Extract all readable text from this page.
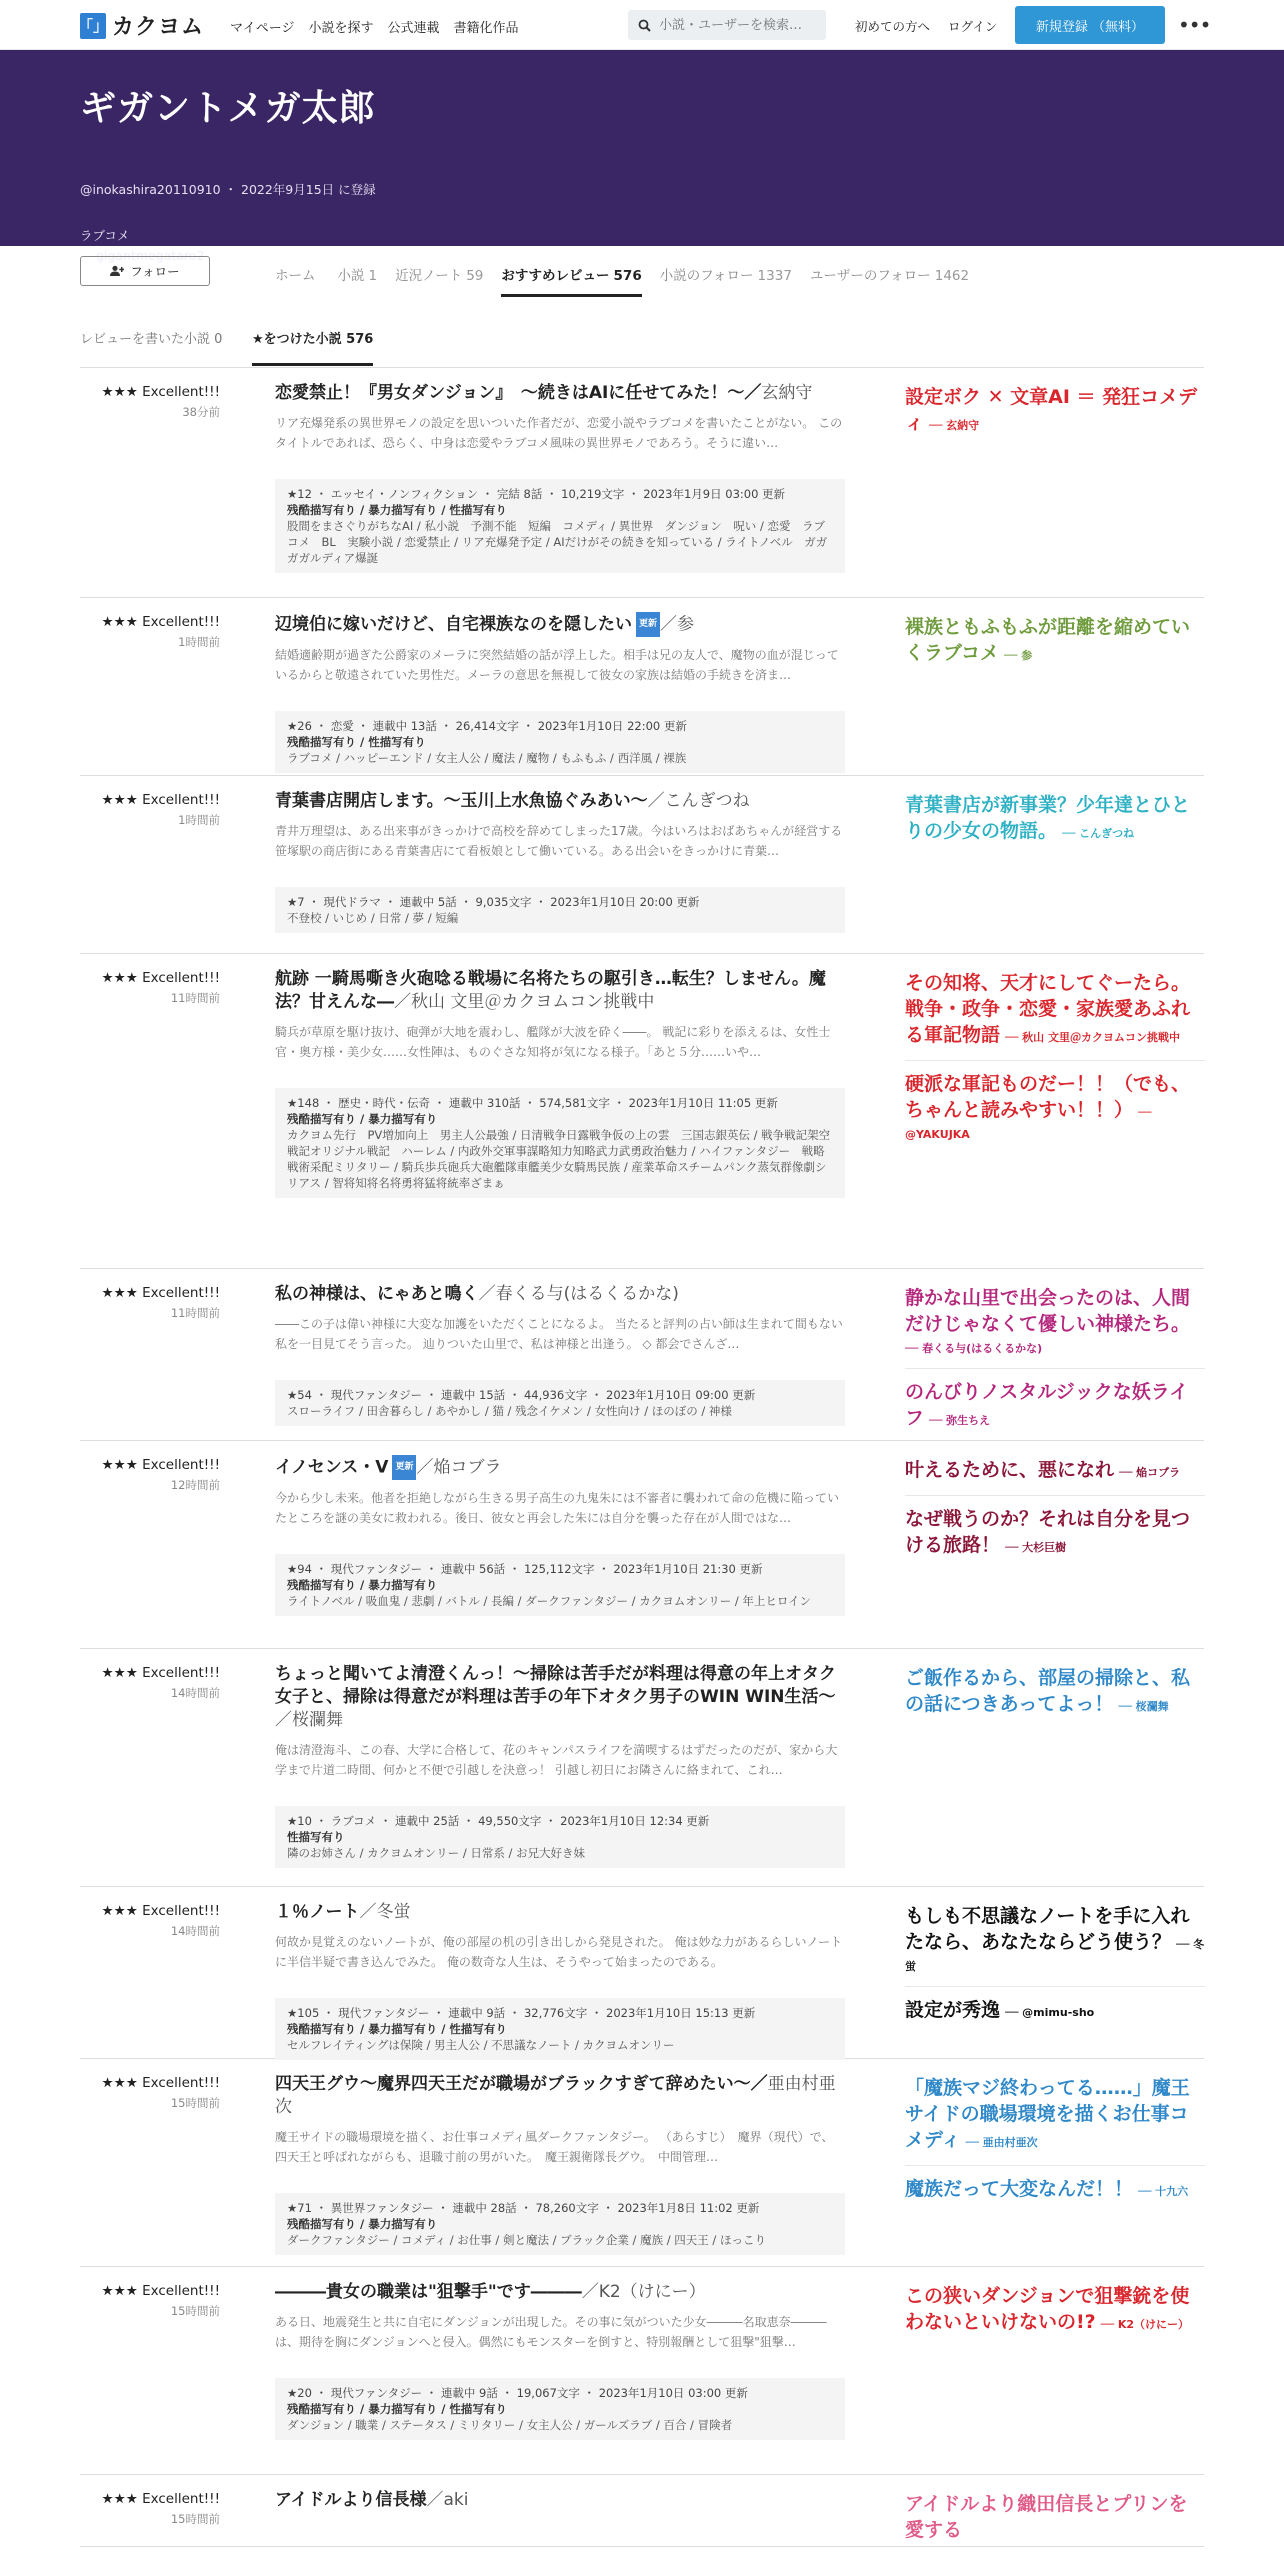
「」 カクヨム マイページ 小説を探す 公式連載 書籍化作品
小説・ユーザーを検索…	初めての方へ ログイン	新規登録 （無料）	•••
ギガントメガ太郎
@inokashira20110910 ・ 2022年9月15日 に登録
ラブコメ
gigantmegataro2
フォロー	ホーム 小説 1 近況ノート 59 おすすめレビュー 576 小説のフォロー 1337 ユーザーのフォロー 1462
レビューを書いた小説 0 ★をつけた小説 576
★★★ Excellent!!!
38分前
恋愛禁止！『男女ダンジョン』　～続きはAIに任せてみた！～／玄納守
リア充爆発系の異世界モノの設定を思いついた作者だが、恋愛小説やラブコメを書いたことがない。 このタイトルであれば、恐らく、中身は恋愛やラブコメ風味の異世界モノであろう。そうに違い…
★12 ・ エッセイ・ノンフィクション ・ 完結 8話 ・ 10,219文字 ・ 2023年1月9日 03:00 更新
残酷描写有り / 暴力描写有り / 性描写有り
股間をまさぐりがちなAI / 私小説　予測不能　短編　コメディ / 異世界　ダンジョン　呪い / 恋愛　ラブコメ　BL　実験小説 / 恋愛禁止 / リア充爆発予定 / AIだけがその続きを知っている / ライトノベル　ガガガガルディア爆誕
設定ボク ✕ 文章AI ＝ 発狂コメディ ── 玄納守
★★★ Excellent!!!
1時間前
辺境伯に嫁いだけど、自宅裸族なのを隠したい 更新 ／参
結婚適齢期が過ぎた公爵家のメーラに突然結婚の話が浮上した。相手は兄の友人で、魔物の血が混じっているからと敬遠されていた男性だ。メーラの意思を無視して彼女の家族は結婚の手続きを済ま…
★26 ・ 恋愛 ・ 連載中 13話 ・ 26,414文字 ・ 2023年1月10日 22:00 更新
残酷描写有り / 性描写有り
ラブコメ / ハッピーエンド / 女主人公 / 魔法 / 魔物 / もふもふ / 西洋風 / 裸族
裸族ともふもふが距離を縮めていくラブコメ ── 参
★★★ Excellent!!!
1時間前
青葉書店開店します。～玉川上水魚協ぐみあい～／こんぎつね
青井万理望は、ある出来事がきっかけで高校を辞めてしまった17歳。今はいろはおばあちゃんが経営する笹塚駅の商店街にある青葉書店にて看板娘として働いている。ある出会いをきっかけに青葉…
★7 ・ 現代ドラマ ・ 連載中 5話 ・ 9,035文字 ・ 2023年1月10日 20:00 更新
不登校 / いじめ / 日常 / 夢 / 短編
青葉書店が新事業？少年達とひとりの少女の物語。 ── こんぎつね
★★★ Excellent!!!
11時間前
航跡 一騎馬嘶き火砲唸る戦場に名将たちの駆引き…転生？しません。魔法？甘えんな―／秋山 文里＠カクヨムコン挑戦中
騎兵が草原を駆け抜け、砲弾が大地を震わし、艦隊が大波を砕く――。 戦記に彩りを添えるは、女性士官・奥方様・美少女……女性陣は、ものぐさな知将が気になる様子。「あと５分……いや…
★148 ・ 歴史・時代・伝奇 ・ 連載中 310話 ・ 574,581文字 ・ 2023年1月10日 11:05 更新
残酷描写有り / 暴力描写有り
カクヨム先行　PV増加向上　男主人公最強 / 日清戦争日露戦争仮の上の雲　三国志銀英伝 / 戦争戦記架空戦記オリジナル戦記　ハーレム / 内政外交軍事謀略知力知略武力武勇政治魅力 / ハイファンタジー　戦略戦術采配ミリタリー / 騎兵歩兵砲兵大砲艦隊車艦美少女騎馬民族 / 産業革命スチームパンク蒸気群像劇シリアス / 智将知将名将勇将猛将統率ざまぁ
その知将、天才にしてぐーたら。戦争・政争・恋愛・家族愛あふれる軍記物語 ── 秋山 文里＠カクヨムコン挑戦中
硬派な軍記ものだー！！（でも、ちゃんと読みやすい！！） ── @YAKUJKA
★★★ Excellent!!!
11時間前
私の神様は、にゃあと鳴く／春くる与(はるくるかな)
――この子は偉い神様に大変な加護をいただくことになるよ。 当たると評判の占い師は生まれて間もない私を一目見てそう言った。 辿りついた山里で、私は神様と出逢う。 ◇ 都会でさんざ…
★54 ・ 現代ファンタジー ・ 連載中 15話 ・ 44,936文字 ・ 2023年1月10日 09:00 更新
スローライフ / 田舎暮らし / あやかし / 猫 / 残念イケメン / 女性向け / ほのぼの / 神様
静かな山里で出会ったのは、人間だけじゃなくて優しい神様たち。 ── 春くる与(はるくるかな)
のんびりノスタルジックな妖ライフ ── 弥生ちえ
★★★ Excellent!!!
12時間前
イノセンス・V 更新 ／焔コブラ
今から少し未来。他者を拒絶しながら生きる男子高生の九鬼朱には不審者に襲われて命の危機に陥っていたところを謎の美女に救われる。後日、彼女と再会した朱には自分を襲った存在が人間ではな…
★94 ・ 現代ファンタジー ・ 連載中 56話 ・ 125,112文字 ・ 2023年1月10日 21:30 更新
残酷描写有り / 暴力描写有り
ライトノベル / 吸血鬼 / 悲劇 / バトル / 長編 / ダークファンタジー / カクヨムオンリー / 年上ヒロイン
叶えるために、悪になれ ── 焔コブラ
なぜ戦うのか？それは自分を見つける旅路！ ── 大杉巨樹
★★★ Excellent!!!
14時間前
ちょっと聞いてよ清澄くんっ！〜掃除は苦手だが料理は得意の年上オタク女子と、掃除は得意だが料理は苦手の年下オタク男子のWIN WIN生活〜／桜瀾舞
俺は清澄海斗、この春、大学に合格して、花のキャンパスライフを満喫するはずだったのだが、家から大学まで片道二時間、何かと不便で引越しを決意っ！ 引越し初日にお隣さんに絡まれて、これ…
★10 ・ ラブコメ ・ 連載中 25話 ・ 49,550文字 ・ 2023年1月10日 12:34 更新
性描写有り
隣のお姉さん / カクヨムオンリー / 日常系 / お兄大好き妹
ご飯作るから、部屋の掃除と、私の話につきあってよっ！ ── 桜瀾舞
★★★ Excellent!!!
14時間前
１％ノート／冬蛍
何故か見覚えのないノートが、俺の部屋の机の引き出しから発見された。 俺は妙な力があるらしいノートに半信半疑で書き込んでみた。 俺の数奇な人生は、そうやって始まったのである。
★105 ・ 現代ファンタジー ・ 連載中 9話 ・ 32,776文字 ・ 2023年1月10日 15:13 更新
残酷描写有り / 暴力描写有り / 性描写有り
セルフレイティングは保険 / 男主人公 / 不思議なノート / カクヨムオンリー
もしも不思議なノートを手に入れたなら、あなたならどう使う？ ── 冬蛍
設定が秀逸 ── @mimu-sho
★★★ Excellent!!!
15時間前
四天王グウ～魔界四天王だが職場がブラックすぎて辞めたい～／亜由村亜次
魔王サイドの職場環境を描く、お仕事コメディ風ダークファンタジー。 （あらすじ）　魔界（現代）で、四天王と呼ばれながらも、退職寸前の男がいた。　魔王親衛隊長グウ。　中間管理…
★71 ・ 異世界ファンタジー ・ 連載中 28話 ・ 78,260文字 ・ 2023年1月8日 11:02 更新
残酷描写有り / 暴力描写有り
ダークファンタジー / コメディ / お仕事 / 剣と魔法 / ブラック企業 / 魔族 / 四天王 / ほっこり
「魔族マジ終わってる……」魔王サイドの職場環境を描くお仕事コメディ ── 亜由村亜次
魔族だって大変なんだ！！ ── 十九六
★★★ Excellent!!!
15時間前
―――貴女の職業は"狙撃手"です―――／K2（けにー）
ある日、地震発生と共に自宅にダンジョンが出現した。その事に気がついた少女―――名取恵奈―――は、期待を胸にダンジョンへと侵入。偶然にもモンスターを倒すと、特別報酬として狙撃"狙撃…
★20 ・ 現代ファンタジー ・ 連載中 9話 ・ 19,067文字 ・ 2023年1月10日 03:00 更新
残酷描写有り / 暴力描写有り / 性描写有り
ダンジョン / 職業 / ステータス / ミリタリー / 女主人公 / ガールズラブ / 百合 / 冒険者
この狭いダンジョンで狙撃銃を使わないといけないの!? ── K2（けにー）
★★★ Excellent!!!
15時間前
アイドルより信長様／aki	アイドルより織田信長とプリンを愛する
